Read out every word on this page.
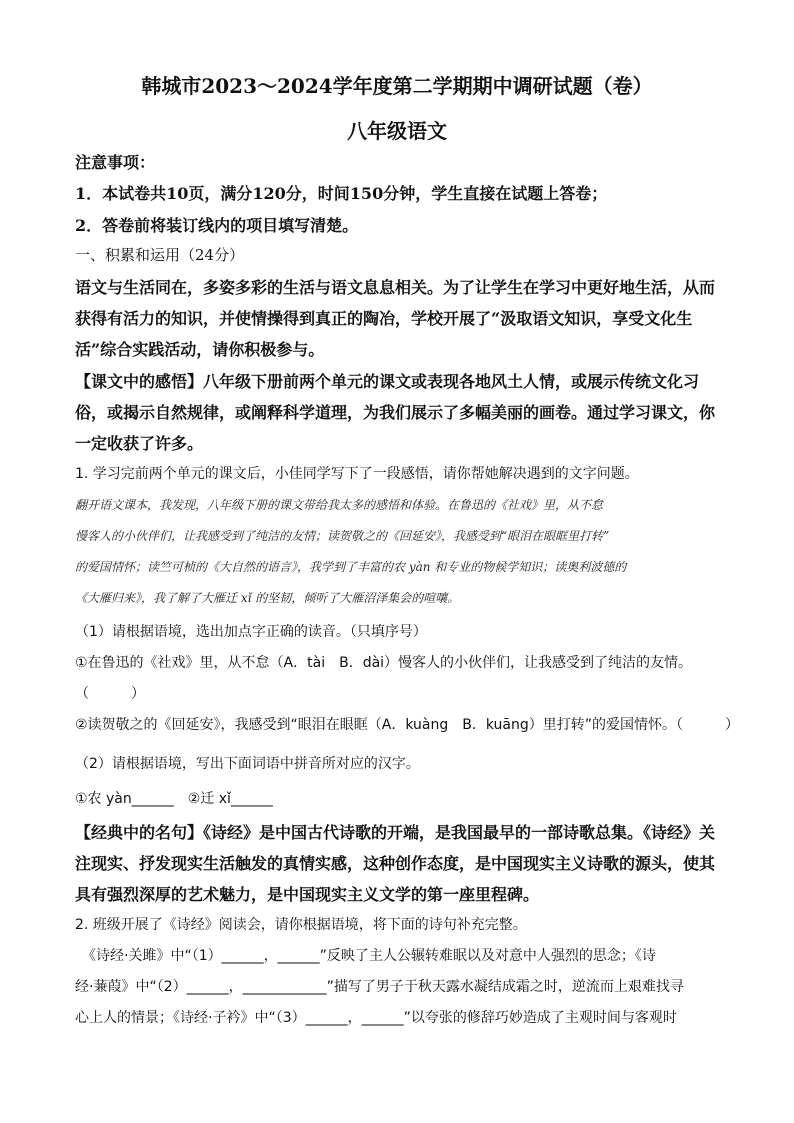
韩城市2023～2024学年度第二学期期中调研试题（卷）
八年级语文
注意事项：
1．本试卷共10页，满分120分，时间150分钟，学生直接在试题上答卷；
2．答卷前将装订线内的项目填写清楚。
一、积累和运用（24分）
语文与生活同在，多姿多彩的生活与语文息息相关。为了让学生在学习中更好地生活，从而
获得有活力的知识，并使情操得到真正的陶冶，学校开展了“汲取语文知识，享受文化生
活”综合实践活动，请你积极参与。
【课文中的感悟】八年级下册前两个单元的课文或表现各地风土人情，或展示传统文化习
俗，或揭示自然规律，或阐释科学道理，为我们展示了多幅美丽的画卷。通过学习课文，你
一定收获了许多。
1. 学习完前两个单元的课文后，小佳同学写下了一段感悟，请你帮她解决遇到的文字问题。
翻开语文课本，我发现，八年级下册的课文带给我太多的感悟和体验。在鲁迅的《社戏》里，从不怠
慢客人的小伙伴们，让我感受到了纯洁的友情；读贺敬之的《回延安》，我感受到“眼泪在眼眶里打转”
的爱国情怀；读竺可桢的《大自然的语言》，我学到了丰富的农 yàn 和专业的物候学知识；读奥利波德的
《大雁归来》，我了解了大雁迁 xǐ 的坚韧，倾听了大雁沼泽集会的喧嚷。
（1）请根据语境，选出加点字正确的读音。（只填序号）
①在鲁迅的《社戏》里，从不怠（A．tài　B．dài）慢客人的小伙伴们，让我感受到了纯洁的友情。
（　　　）
②读贺敬之的《回延安》，我感受到“眼泪在眼眶（A．kuàng　B．kuāng）里打转”的爱国情怀。（　　　）
（2）请根据语境，写出下面词语中拼音所对应的汉字。
①农 yàn______　②迁 xǐ______
【经典中的名句】《诗经》是中国古代诗歌的开端，是我国最早的一部诗歌总集。《诗经》关
注现实、抒发现实生活触发的真情实感，这种创作态度，是中国现实主义诗歌的源头，使其
具有强烈深厚的艺术魅力，是中国现实主义文学的第一座里程碑。
2. 班级开展了《诗经》阅读会，请你根据语境，将下面的诗句补充完整。
　《诗经·关雎》中“（1）______，______”反映了主人公辗转难眠以及对意中人强烈的思念；《诗
经·蒹葭》中“（2）______，____________”描写了男子于秋天露水凝结成霜之时，逆流而上艰难找寻
心上人的情景；《诗经·子衿》中“（3）______，______”以夸张的修辞巧妙造成了主观时间与客观时
